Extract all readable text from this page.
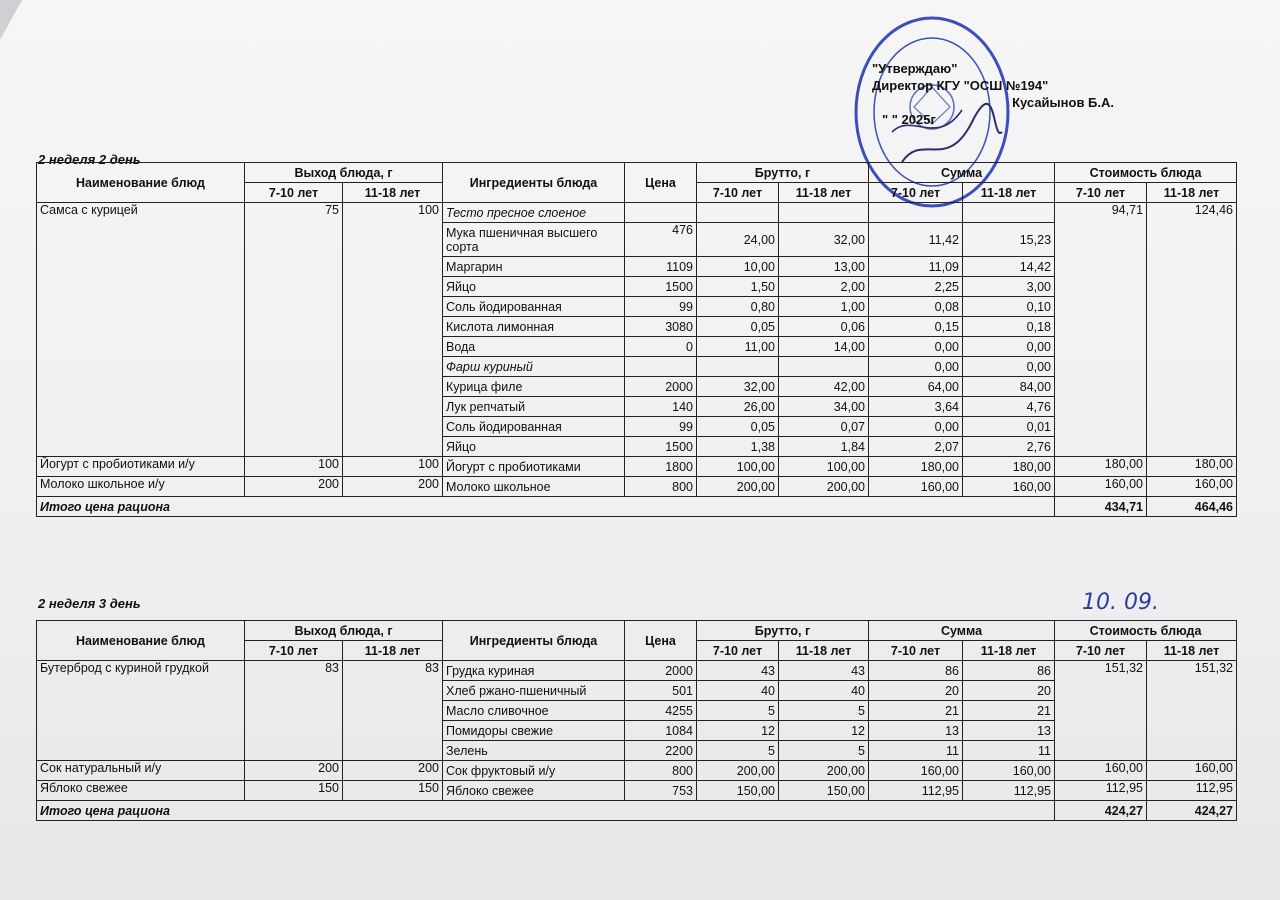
"Утверждаю"
Директор КГУ "ОСШ №194"
Кусайынов Б.А.
" " 2025г
2 неделя 2 день
Наименование блюд	Выход блюда, г		Ингредиенты блюда	Цена	Брутто, г		Сумма		Стоимость блюда	
	7-10 лет	11-18 лет			7-10 лет	11-18 лет	7-10 лет	11-18 лет	7-10 лет	11-18 лет
Самса с курицей	75	100	Тесто пресное слоеное						94,71	124,46
			Мука пшеничная высшего сорта	476	24,00	32,00	11,42	15,23		
			Маргарин	1109	10,00	13,00	11,09	14,42		
			Яйцо	1500	1,50	2,00	2,25	3,00		
			Соль йодированная	99	0,80	1,00	0,08	0,10		
			Кислота лимонная	3080	0,05	0,06	0,15	0,18		
			Вода	0	11,00	14,00	0,00	0,00		
			Фарш куриный				0,00	0,00		
			Курица филе	2000	32,00	42,00	64,00	84,00		
			Лук репчатый	140	26,00	34,00	3,64	4,76		
			Соль йодированная	99	0,05	0,07	0,00	0,01		
			Яйцо	1500	1,38	1,84	2,07	2,76		
Йогурт с пробиотиками и/у	100	100	Йогурт с пробиотиками	1800	100,00	100,00	180,00	180,00	180,00	180,00
Молоко школьное и/у	200	200	Молоко школьное	800	200,00	200,00	160,00	160,00	160,00	160,00
Итого цена рациона									434,71	464,46
2 неделя 3 день	10. 09.
Наименование блюд	Выход блюда, г		Ингредиенты блюда	Цена	Брутто, г		Сумма		Стоимость блюда	
	7-10 лет	11-18 лет			7-10 лет	11-18 лет	7-10 лет	11-18 лет	7-10 лет	11-18 лет
Бутерброд с куриной грудкой	83	83	Грудка куриная	2000	43	43	86	86	151,32	151,32
			Хлеб ржано-пшеничный	501	40	40	20	20		
			Масло сливочное	4255	5	5	21	21		
			Помидоры свежие	1084	12	12	13	13		
			Зелень	2200	5	5	11	11		
Сок натуральный и/у	200	200	Сок фруктовый и/у	800	200,00	200,00	160,00	160,00	160,00	160,00
Яблоко свежее	150	150	Яблоко свежее	753	150,00	150,00	112,95	112,95	112,95	112,95
Итого цена рациона									424,27	424,27
